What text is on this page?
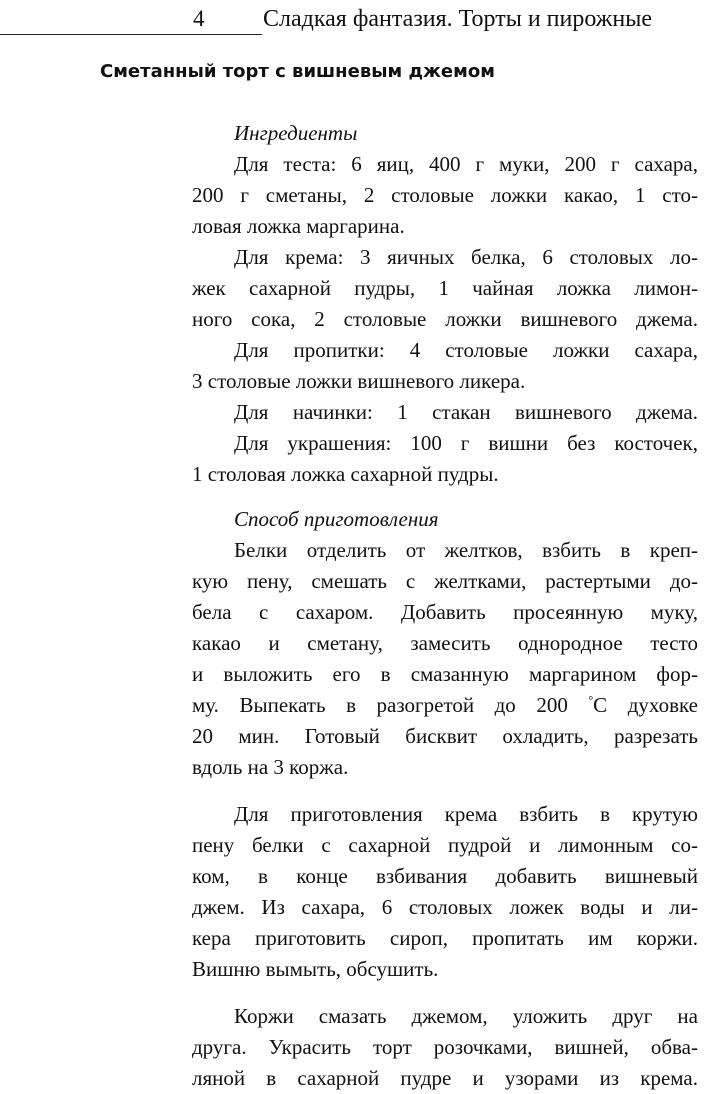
4 Сладкая фантазия. Торты и пирожные
Сметанный торт с вишневым джемом
Ингредиенты
Для теста: 6 яиц, 400 г муки, 200 г сахара,
200 г сметаны, 2 столовые ложки какао, 1 сто-
ловая ложка маргарина.
Для крема: 3 яичных белка, 6 столовых ло-
жек сахарной пудры, 1 чайная ложка лимон-
ного сока, 2 столовые ложки вишневого джема.
Для пропитки: 4 столовые ложки сахара,
3 столовые ложки вишневого ликера.
Для начинки: 1 стакан вишневого джема.
Для украшения: 100 г вишни без косточек,
1 столовая ложка сахарной пудры.
Способ приготовления
Белки отделить от желтков, взбить в креп-
кую пену, смешать с желтками, растертыми до-
бела с сахаром. Добавить просеянную муку,
какао и сметану, замесить однородное тесто
и выложить его в смазанную маргарином фор-
му. Выпекать в разогретой до 200 °С духовке
20 мин. Готовый бисквит охладить, разрезать
вдоль на 3 коржа.
Для приготовления крема взбить в крутую
пену белки с сахарной пудрой и лимонным со-
ком, в конце взбивания добавить вишневый
джем. Из сахара, 6 столовых ложек воды и ли-
кера приготовить сироп, пропитать им коржи.
Вишню вымыть, обсушить.
Коржи смазать джемом, уложить друг на
друга. Украсить торт розочками, вишней, обва-
ляной в сахарной пудре и узорами из крема.
